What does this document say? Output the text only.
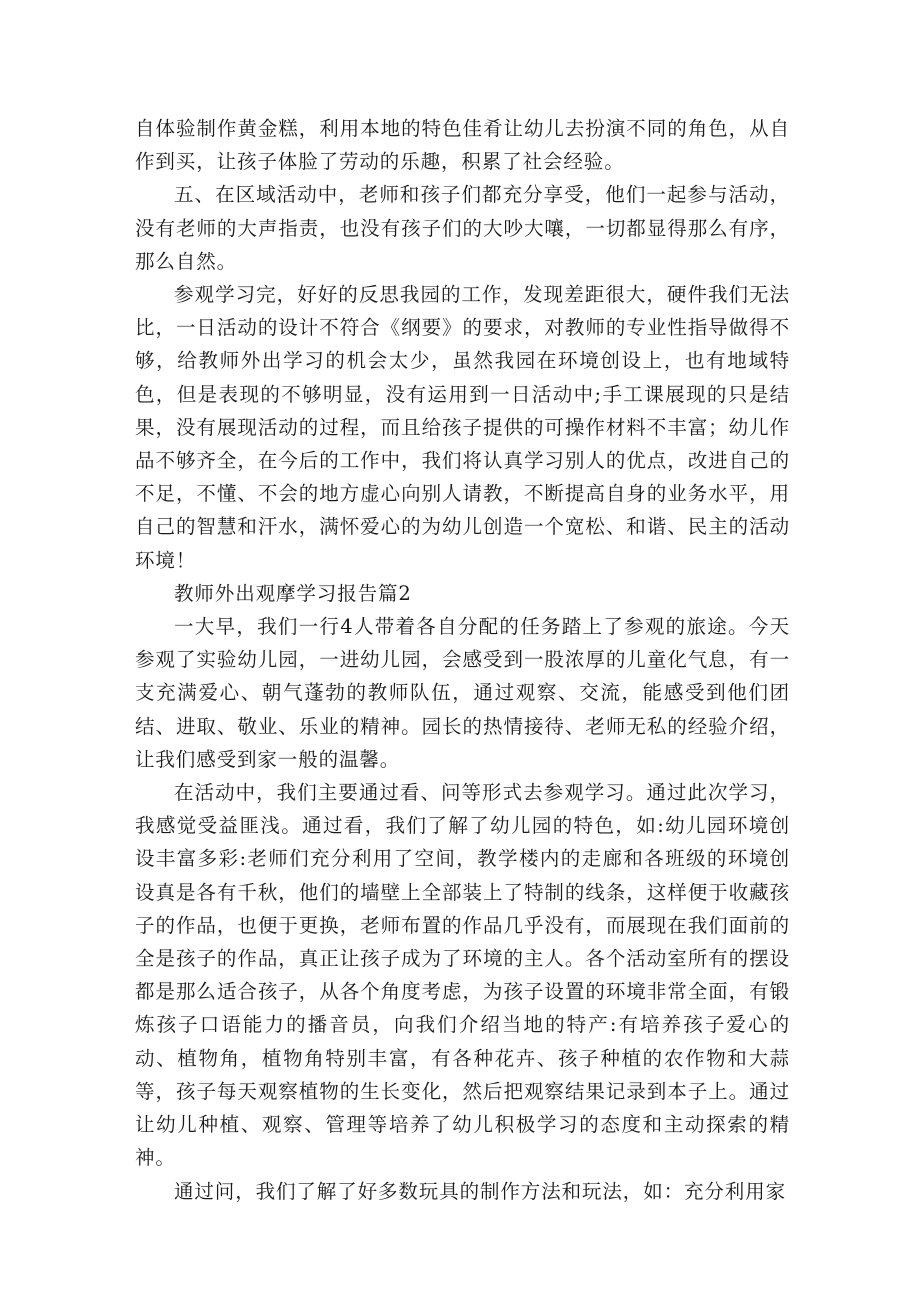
自体验制作黄金糕，利用本地的特色佳肴让幼儿去扮演不同的角色，从自作到买，让孩子体脸了劳动的乐趣，积累了社会经验。

五、在区域活动中，老师和孩子们都充分享受，他们一起参与活动，没有老师的大声指责，也没有孩子们的大吵大嚷，一切都显得那么有序，那么自然。

参观学习完，好好的反思我园的工作，发现差距很大，硬件我们无法比，一日活动的设计不符合《纲要》的要求，对教师的专业性指导做得不够，给教师外出学习的机会太少，虽然我园在环境创设上，也有地域特色，但是表现的不够明显，没有运用到一日活动中;手工课展现的只是结果，没有展现活动的过程，而且给孩子提供的可操作材料不丰富；幼儿作品不够齐全，在今后的工作中，我们将认真学习别人的优点，改进自己的不足，不懂、不会的地方虚心向别人请教，不断提高自身的业务水平，用自己的智慧和汗水，满怀爱心的为幼儿创造一个宽松、和谐、民主的活动环境！

教师外出观摩学习报告篇2

一大早，我们一行4人带着各自分配的任务踏上了参观的旅途。今天参观了实验幼儿园，一进幼儿园，会感受到一股浓厚的儿童化气息，有一支充满爱心、朝气蓬勃的教师队伍，通过观察、交流，能感受到他们团结、进取、敬业、乐业的精神。园长的热情接待、老师无私的经验介绍，让我们感受到家一般的温馨。

在活动中，我们主要通过看、问等形式去参观学习。通过此次学习，我感觉受益匪浅。通过看，我们了解了幼儿园的特色，如:幼儿园环境创设丰富多彩:老师们充分利用了空间，教学楼内的走廊和各班级的环境创设真是各有千秋，他们的墙壁上全部装上了特制的线条，这样便于收藏孩子的作品，也便于更换，老师布置的作品几乎没有，而展现在我们面前的全是孩子的作品，真正让孩子成为了环境的主人。各个活动室所有的摆设都是那么适合孩子，从各个角度考虑，为孩子设置的环境非常全面，有锻炼孩子口语能力的播音员，向我们介绍当地的特产:有培养孩子爱心的动、植物角，植物角特别丰富，有各种花卉、孩子种植的农作物和大蒜等，孩子每天观察植物的生长变化，然后把观察结果记录到本子上。通过让幼儿种植、观察、管理等培养了幼儿积极学习的态度和主动探索的精神。

通过问，我们了解了好多数玩具的制作方法和玩法，如：充分利用家
